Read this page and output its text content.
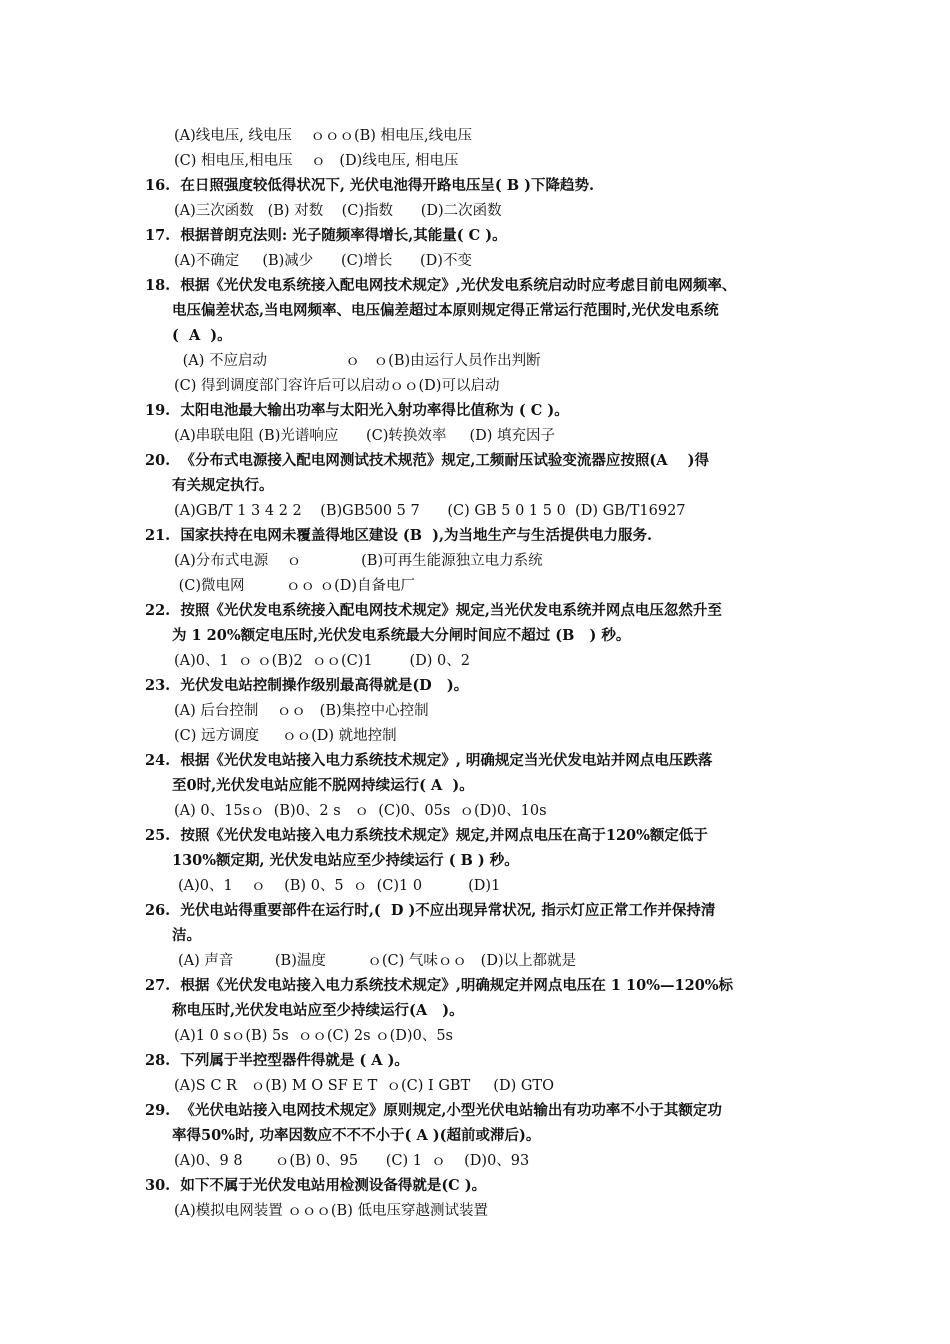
(A)线电压, 线电压    ｏｏｏ(B) 相电压,线电压
(C) 相电压,相电压    ｏ   (D)线电压, 相电压
16.  在日照强度较低得状况下, 光伏电池得开路电压呈( B )下降趋势.
(A)三次函数   (B) 对数    (C)指数      (D)二次函数
17.  根据普朗克法则: 光子随频率得增长,其能量( C )。
(A)不确定     (B)减少      (C)增长      (D)不变
18.  根据《光伏发电系统接入配电网技术规定》,光伏发电系统启动时应考虑目前电网频率、
电压偏差状态,当电网频率、电压偏差超过本原则规定得正常运行范围时,光伏发电系统
(  A  )。
(A) 不应启动                 ｏ   ｏ(B)由运行人员作出判断
(C) 得到调度部门容许后可以启动ｏｏ(D)可以启动
19.  太阳电池最大输出功率与太阳光入射功率得比值称为 ( C )。
(A)串联电阻 (B)光谱响应      (C)转换效率     (D) 填充因子
20.  《分布式电源接入配电网测试技术规范》规定,工频耐压试验变流器应按照(A    )得
有关规定执行。
(A)GB/T 1 3 4 2 2    (B)GB500 5 7      (C) GB 5 0 1 5 0  (D) GB/T16927
21.  国家扶持在电网未覆盖得地区建设 (B  ),为当地生产与生活提供电力服务.
(A)分布式电源    ｏ             (B)可再生能源独立电力系统
(C)微电网         ｏｏ ｏ(D)自备电厂
22.  按照《光伏发电系统接入配电网技术规定》规定,当光伏发电系统并网点电压忽然升至
为 1 20%额定电压时,光伏发电系统最大分闸时间应不超过 (B   ) 秒。
(A)0、1  ｏ ｏ(B)2  ｏｏ(C)1        (D) 0、2
23.  光伏发电站控制操作级别最高得就是(D   )。
(A) 后台控制    ｏｏ   (B)集控中心控制
(C) 远方调度     ｏｏ(D) 就地控制
24.  根据《光伏发电站接入电力系统技术规定》, 明确规定当光伏发电站并网点电压跌落
至0时,光伏发电站应能不脱网持续运行( A  )。
(A) 0、15sｏ  (B)0、2 s   ｏ  (C)0、05s  ｏ(D)0、10s
25.  按照《光伏发电站接入电力系统技术规定》规定,并网点电压在高于120%额定低于
130%额定期, 光伏发电站应至少持续运行 ( B ) 秒。
(A)0、1    ｏ    (B) 0、5  ｏ  (C)1 0          (D)1
26.  光伏电站得重要部件在运行时,(  D )不应出现异常状况, 指示灯应正常工作并保持清
洁。
(A) 声音         (B)温度         ｏ(C) 气味ｏｏ   (D)以上都就是
27.  根据《光伏发电站接入电力系统技术规定》,明确规定并网点电压在 1 10%—120%标
称电压时,光伏发电站应至少持续运行(A   )。
(A)1 0 sｏ(B) 5s  ｏｏ(C) 2s ｏ(D)0、5s
28.  下列属于半控型器件得就是 ( A )。
(A)S C R   ｏ(B) M O SF E T  ｏ(C) I GBT     (D) GTO
29.  《光伏电站接入电网技术规定》原则规定,小型光伏电站输出有功功率不小于其额定功
率得50%时, 功率因数应不不不小于( A )(超前或滞后)。
(A)0、9 8       ｏ(B) 0、95      (C) 1  ｏ    (D)0、93
30.  如下不属于光伏发电站用检测设备得就是(C )。
(A)模拟电网装置 ｏｏｏ(B) 低电压穿越测试装置
